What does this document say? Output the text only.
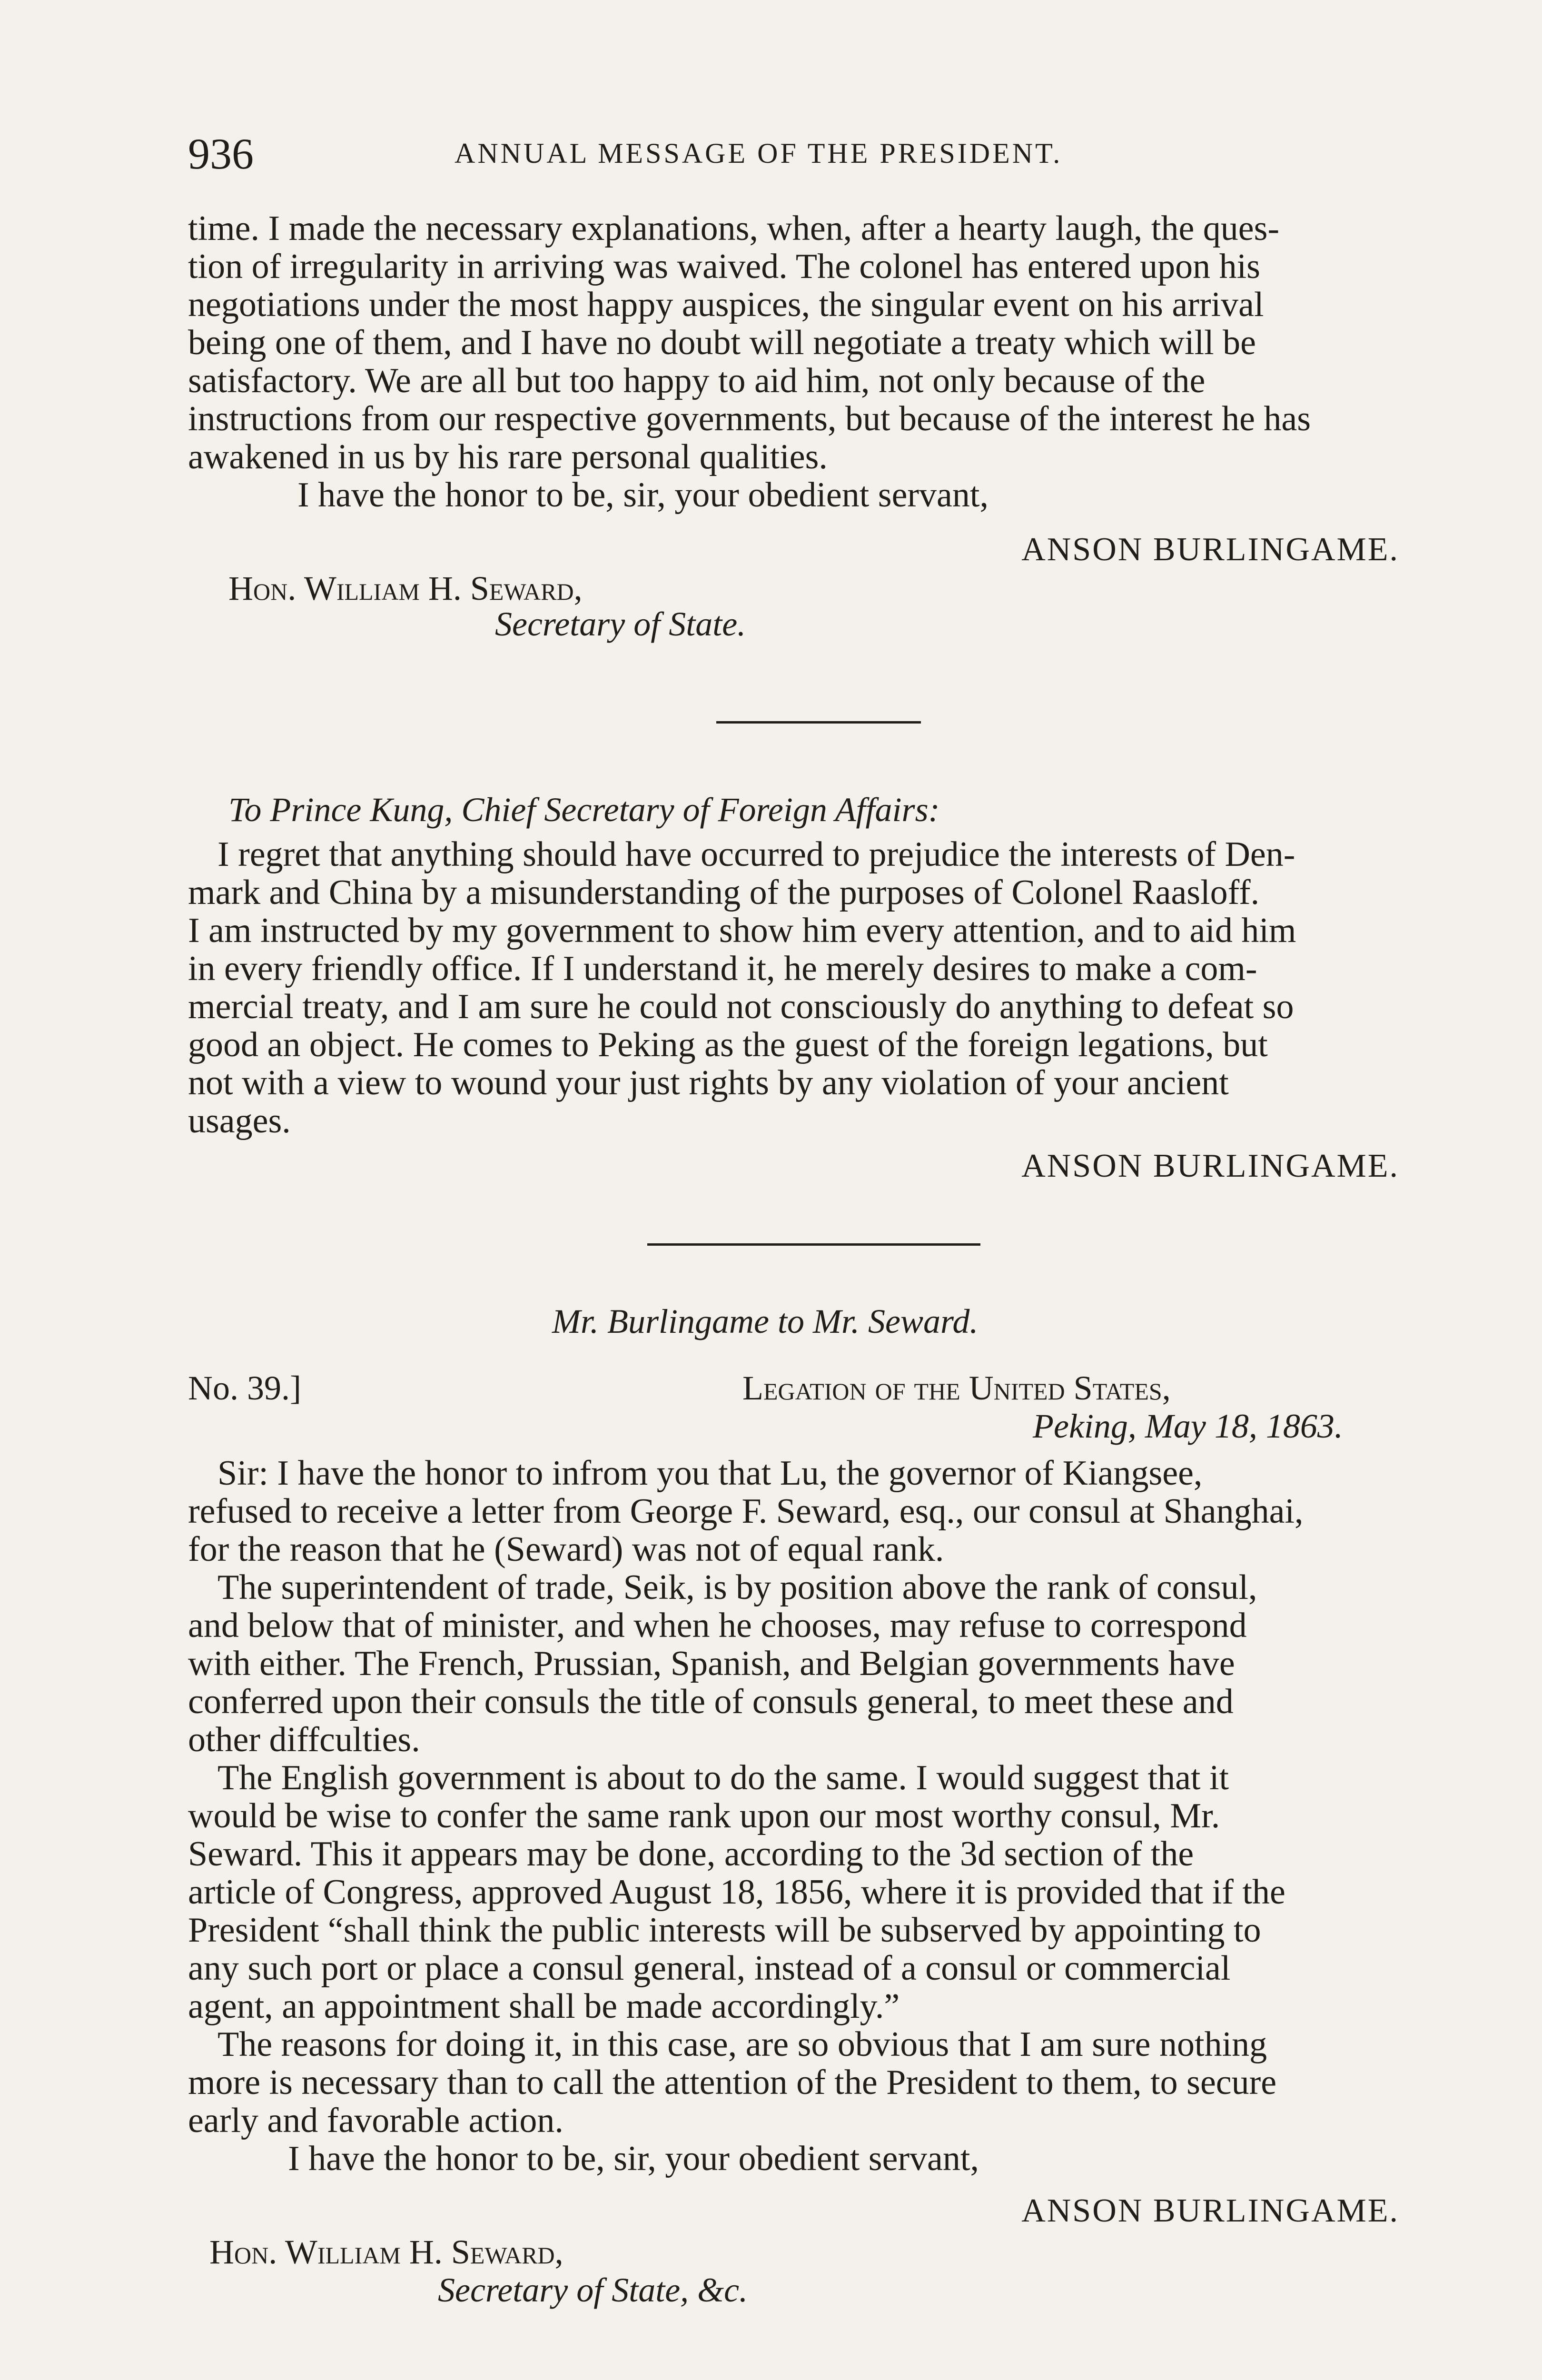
936	ANNUAL MESSAGE OF THE PRESIDENT.

time. I made the necessary explanations, when, after a hearty laugh, the ques-

tion of irregularity in arriving was waived. The colonel has entered upon his

negotiations under the most happy auspices, the singular event on his arrival

being one of them, and I have no doubt will negotiate a treaty which will be

satisfactory. We are all but too happy to aid him, not only because of the

instructions from our respective governments, but because of the interest he has

awakened in us by his rare personal qualities.

I have the honor to be, sir, your obedient servant,

ANSON BURLINGAME.
Hon. William H. Seward,
Secretary of State.
To Prince Kung, Chief Secretary of Foreign Affairs:

I regret that anything should have occurred to prejudice the interests of Den-

mark and China by a misunderstanding of the purposes of Colonel Raasloff.

I am instructed by my government to show him every attention, and to aid him

in every friendly office. If I understand it, he merely desires to make a com-

mercial treaty, and I am sure he could not consciously do anything to defeat so

good an object. He comes to Peking as the guest of the foreign legations, but

not with a view to wound your just rights by any violation of your ancient

usages.

ANSON BURLINGAME.
Mr. Burlingame to Mr. Seward.
No. 39.]	Legation of the United States,
Peking, May 18, 1863.

Sir: I have the honor to infrom you that Lu, the governor of Kiangsee,

refused to receive a letter from George F. Seward, esq., our consul at Shanghai,

for the reason that he (Seward) was not of equal rank.

The superintendent of trade, Seik, is by position above the rank of consul,

and below that of minister, and when he chooses, may refuse to correspond

with either. The French, Prussian, Spanish, and Belgian governments have

conferred upon their consuls the title of consuls general, to meet these and

other diffculties.

The English government is about to do the same. I would suggest that it

would be wise to confer the same rank upon our most worthy consul, Mr.

Seward. This it appears may be done, according to the 3d section of the

article of Congress, approved August 18, 1856, where it is provided that if the

President “shall think the public interests will be subserved by appointing to

any such port or place a consul general, instead of a consul or commercial

agent, an appointment shall be made accordingly.”

The reasons for doing it, in this case, are so obvious that I am sure nothing

more is necessary than to call the attention of the President to them, to secure

early and favorable action.

I have the honor to be, sir, your obedient servant,

ANSON BURLINGAME.
Hon. William H. Seward,
Secretary of State, &c.
